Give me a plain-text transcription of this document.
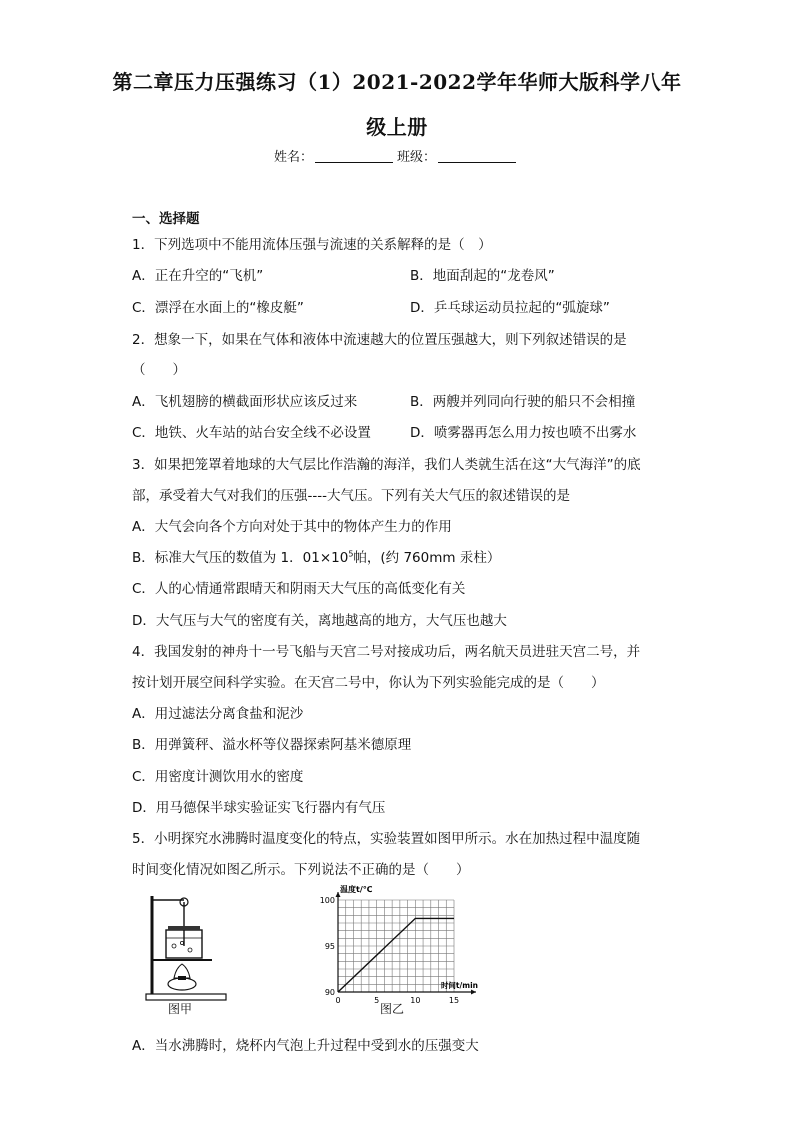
第二章压力压强练习（1）2021-2022学年华师大版科学八年
级上册
姓名：	班级：
一、选择题
1．下列选项中不能用流体压强与流速的关系解释的是（　）
A．正在升空的“飞机”	B．地面刮起的“龙卷风”
C．漂浮在水面上的“橡皮艇”	D．乒乓球运动员拉起的“弧旋球”
2．想象一下，如果在气体和液体中流速越大的位置压强越大，则下列叙述错误的是
（　　）
A．飞机翅膀的横截面形状应该反过来	B．两艘并列同向行驶的船只不会相撞
C．地铁、火车站的站台安全线不必设置	D．喷雾器再怎么用力按也喷不出雾水
3．如果把笼罩着地球的大气层比作浩瀚的海洋，我们人类就生活在这“大气海洋”的底
部，承受着大气对我们的压强----大气压。下列有关大气压的叙述错误的是
A．大气会向各个方向对处于其中的物体产生力的作用
B．标准大气压的数值为 1．$01\times 10^5$帕，(约 760mm 汞柱）
C．人的心情通常跟晴天和阴雨天大气压的高低变化有关
D．大气压与大气的密度有关，离地越高的地方，大气压也越大
4．我国发射的神舟十一号飞船与天宫二号对接成功后，两名航天员进驻天宫二号，并
按计划开展空间科学实验。在天宫二号中，你认为下列实验能完成的是（　　）
A．用过滤法分离食盐和泥沙
B．用弹簧秤、溢水杯等仪器探索阿基米德原理
C．用密度计测饮用水的密度
D．用马德保半球实验证实飞行器内有气压
5．小明探究水沸腾时温度变化的特点，实验装置如图甲所示。水在加热过程中温度随
时间变化情况如图乙所示。下列说法不正确的是（　　）
图甲
0	5	10	15
90
95
100
温度t/℃
时间t/min
图乙
A．当水沸腾时，烧杯内气泡上升过程中受到水的压强变大
